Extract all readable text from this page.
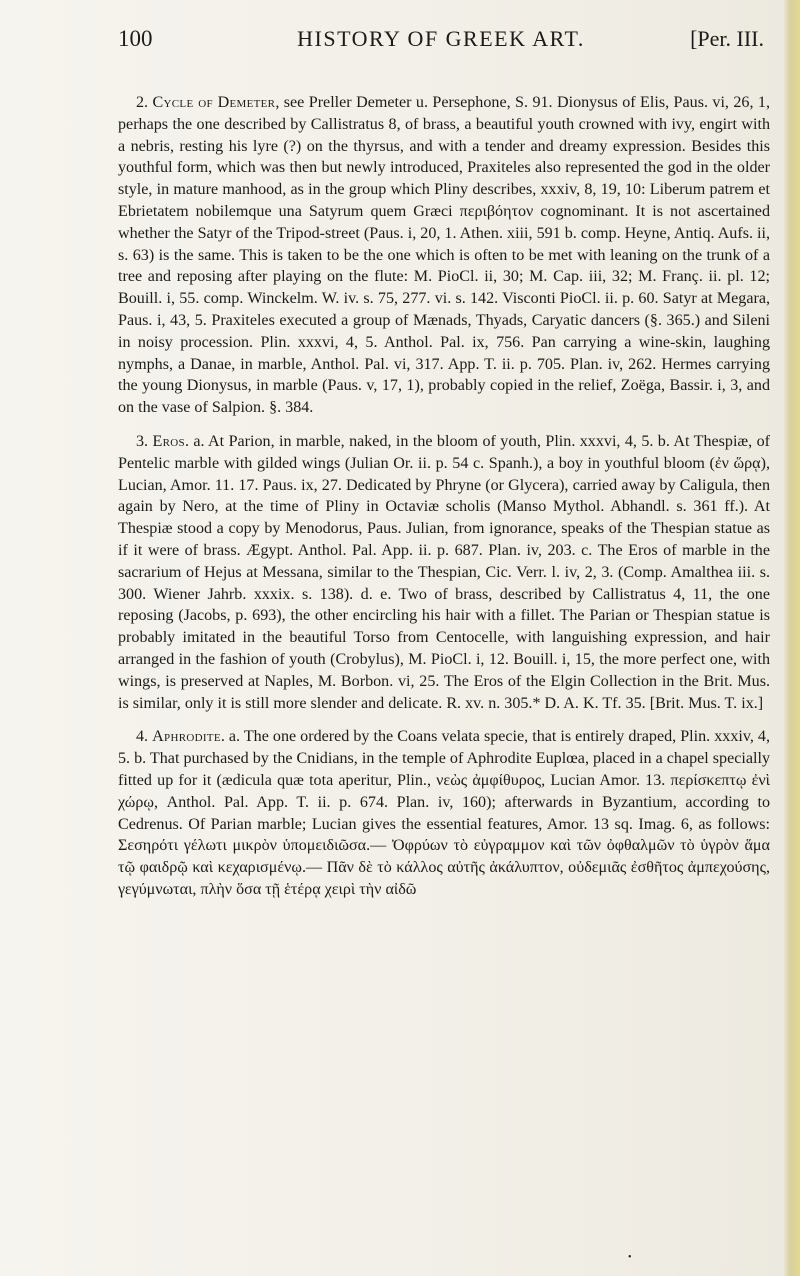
100	HISTORY OF GREEK ART.	[Per. III.

2. Cycle of Demeter, see Preller Demeter u. Persephone, S. 91. Dionysus of Elis, Paus. vi, 26, 1, perhaps the one described by Callistratus 8, of brass, a beautiful youth crowned with ivy, engirt with a nebris, resting his lyre (?) on the thyrsus, and with a tender and dreamy expression. Besides this youthful form, which was then but newly introduced, Praxiteles also represented the god in the older style, in mature manhood, as in the group which Pliny describes, xxxiv, 8, 19, 10: Liberum patrem et Ebrietatem nobilemque una Satyrum quem Græci περιβόητον cognominant. It is not ascertained whether the Satyr of the Tripod-street (Paus. i, 20, 1. Athen. xiii, 591 b. comp. Heyne, Antiq. Aufs. ii, s. 63) is the same. This is taken to be the one which is often to be met with leaning on the trunk of a tree and reposing after playing on the flute: M. PioCl. ii, 30; M. Cap. iii, 32; M. Franç. ii. pl. 12; Bouill. i, 55. comp. Winckelm. W. iv. s. 75, 277. vi. s. 142. Visconti PioCl. ii. p. 60. Satyr at Megara, Paus. i, 43, 5. Praxiteles executed a group of Mænads, Thyads, Caryatic dancers (§. 365.) and Sileni in noisy procession. Plin. xxxvi, 4, 5. Anthol. Pal. ix, 756. Pan carrying a wine-skin, laughing nymphs, a Danae, in marble, Anthol. Pal. vi, 317. App. T. ii. p. 705. Plan. iv, 262. Hermes carrying the young Dionysus, in marble (Paus. v, 17, 1), probably copied in the relief, Zoëga, Bassir. i, 3, and on the vase of Salpion. §. 384.

3. Eros. a. At Parion, in marble, naked, in the bloom of youth, Plin. xxxvi, 4, 5. b. At Thespiæ, of Pentelic marble with gilded wings (Julian Or. ii. p. 54 c. Spanh.), a boy in youthful bloom (ἐν ὥρᾳ), Lucian, Amor. 11. 17. Paus. ix, 27. Dedicated by Phryne (or Glycera), carried away by Caligula, then again by Nero, at the time of Pliny in Octaviæ scholis (Manso Mythol. Abhandl. s. 361 ff.). At Thespiæ stood a copy by Menodorus, Paus. Julian, from ignorance, speaks of the Thespian statue as if it were of brass. Ægypt. Anthol. Pal. App. ii. p. 687. Plan. iv, 203. c. The Eros of marble in the sacrarium of Hejus at Messana, similar to the Thespian, Cic. Verr. l. iv, 2, 3. (Comp. Amalthea iii. s. 300. Wiener Jahrb. xxxix. s. 138). d. e. Two of brass, described by Callistratus 4, 11, the one reposing (Jacobs, p. 693), the other encircling his hair with a fillet. The Parian or Thespian statue is probably imitated in the beautiful Torso from Centocelle, with languishing expression, and hair arranged in the fashion of youth (Crobylus), M. PioCl. i, 12. Bouill. i, 15, the more perfect one, with wings, is preserved at Naples, M. Borbon. vi, 25. The Eros of the Elgin Collection in the Brit. Mus. is similar, only it is still more slender and delicate. R. xv. n. 305.* D. A. K. Tf. 35. [Brit. Mus. T. ix.]

4. Aphrodite. a. The one ordered by the Coans velata specie, that is entirely draped, Plin. xxxiv, 4, 5. b. That purchased by the Cnidians, in the temple of Aphrodite Euplœa, placed in a chapel specially fitted up for it (ædicula quæ tota aperitur, Plin., νεὼς ἀμφίθυρος, Lucian Amor. 13. περίσκεπτῳ ἐνὶ χώρῳ, Anthol. Pal. App. T. ii. p. 674. Plan. iv, 160); afterwards in Byzantium, according to Cedrenus. Of Parian marble; Lucian gives the essential features, Amor. 13 sq. Imag. 6, as follows: Σεσηρότι γέλωτι μικρὸν ὑπομειδιῶσα.— Ὀφρύων τὸ εὐγραμμον καὶ τῶν ὀφθαλμῶν τὸ ὑγρὸν ἅμα τῷ φαιδρῷ καὶ κεχαρισμένῳ.— Πᾶν δὲ τὸ κάλλος αὐτῆς ἀκάλυπτον, οὐδεμιᾶς ἐσθῆτος ἀμπεχούσης, γεγύμνωται, πλὴν ὅσα τῇ ἑτέρᾳ χειρὶ τὴν αἰδῶ

•
